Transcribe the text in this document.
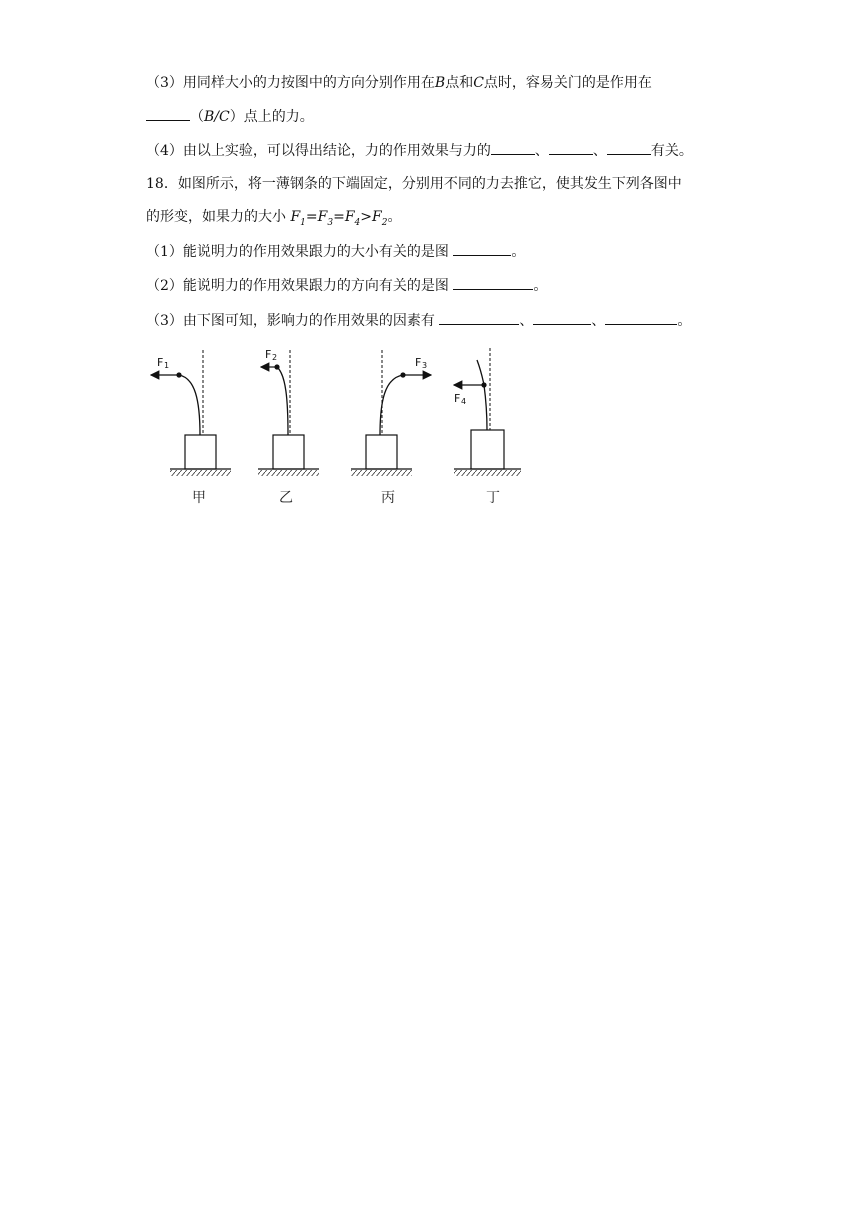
（3）用同样大小的力按图中的方向分别作用在B点和C点时，容易关门的是作用在
（B/C）点上的力。
（4）由以上实验，可以得出结论，力的作用效果与力的	、	、	有关。
18．如图所示，将一薄钢条的下端固定，分别用不同的力去推它，使其发生下列各图中
的形变，如果力的大小 $F_1=F_3=F_4>F_2$。
（1）能说明力的作用效果跟力的大小有关的是图	。
（2）能说明力的作用效果跟力的方向有关的是图	。
（3）由下图可知，影响力的作用效果的因素有	、	、	。
F 1
甲
F 2
乙
F 3
丙
F 4
丁
